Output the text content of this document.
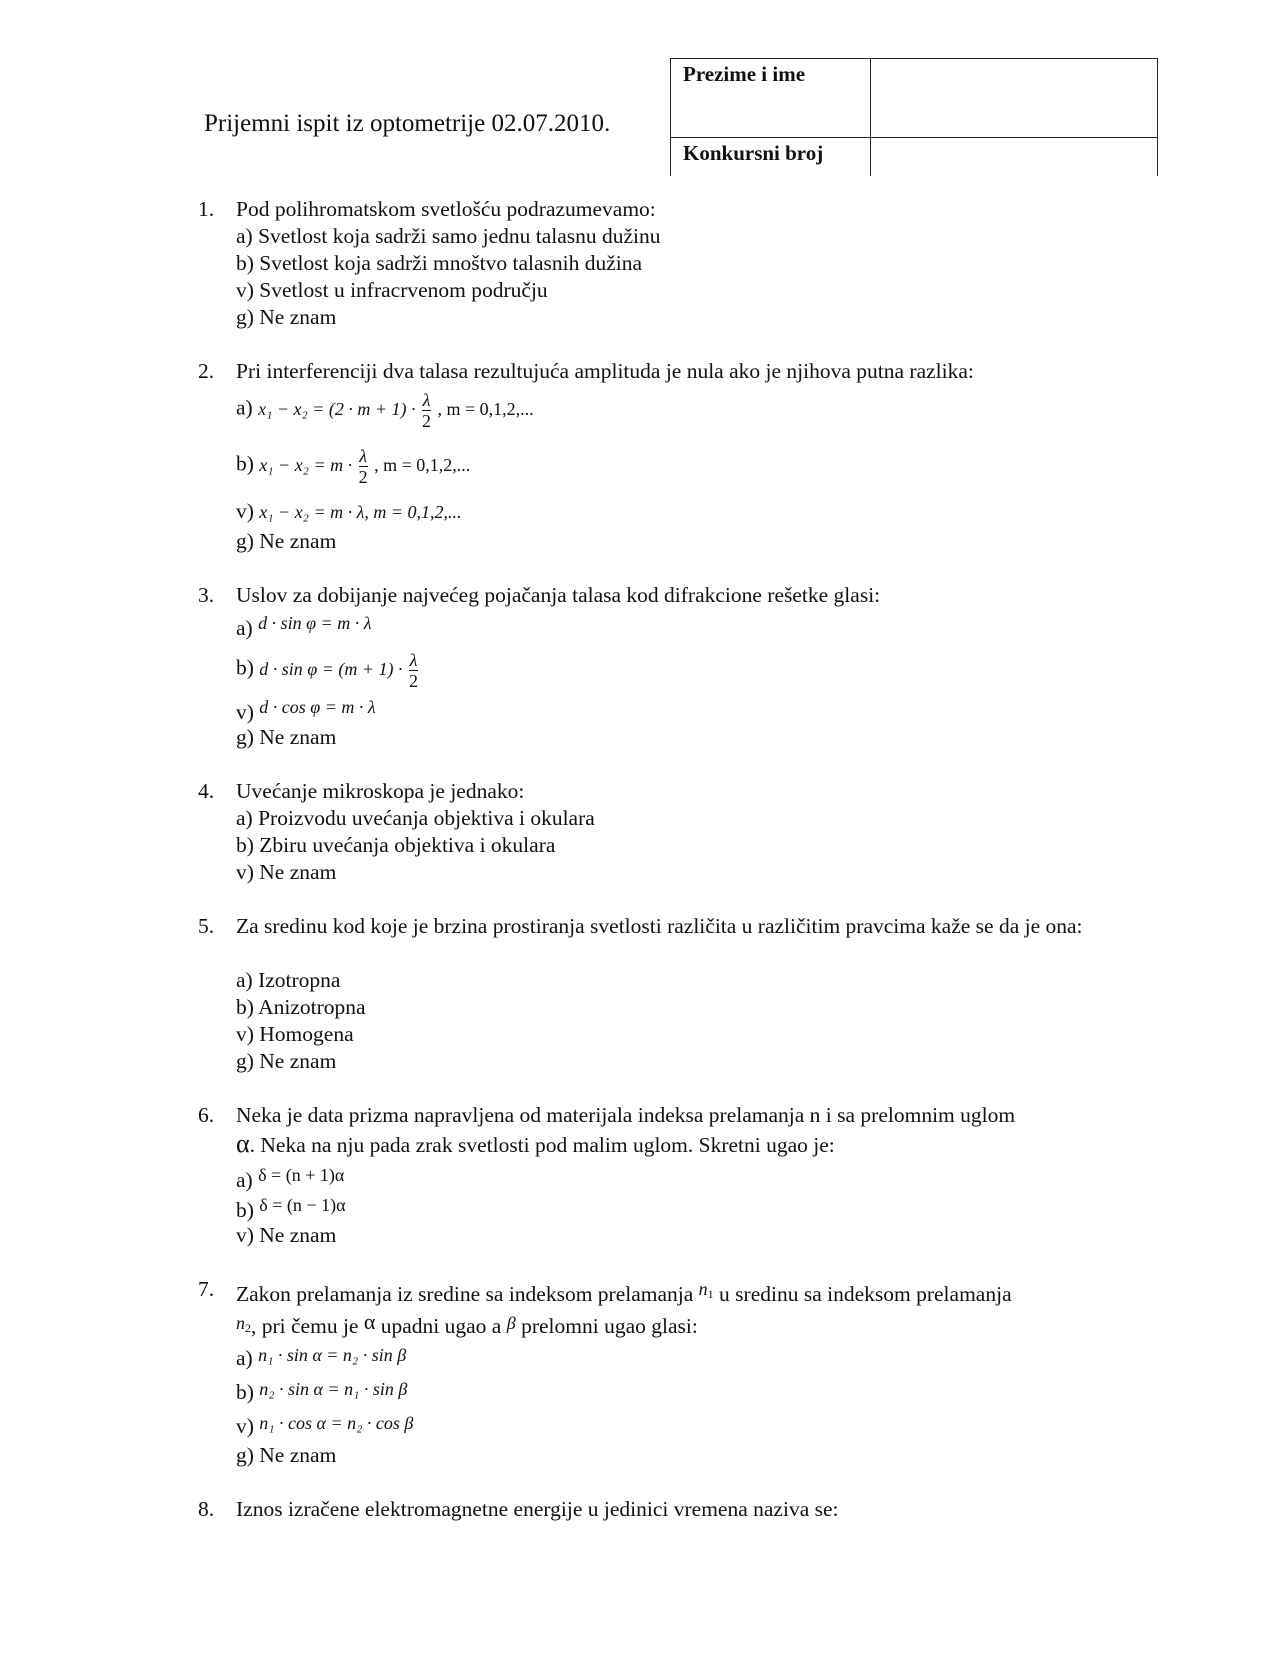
Prijemni ispit iz optometrije 02.07.2010.
Prezime i ime	
Konkursni broj	
1. Pod polihromatskom svetlošću podrazumevamo:
a) Svetlost koja sadrži samo jednu talasnu dužinu
b) Svetlost koja sadrži mnoštvo talasnih dužina
v) Svetlost u infracrvenom području
g) Ne znam
2. Pri interferenciji dva talasa rezultujuća amplituda je nula ako je njihova putna razlika:
a) $x_1 - x_2 = (2 \cdot m + 1) \cdot \frac{\lambda}{2}$ , m = 0,1,2,...
b) $x_1 - x_2 = m \cdot \frac{\lambda}{2}$ , m = 0,1,2,...
v) x₁ − x₂ = m · λ, m = 0,1,2,...
g) Ne znam
3. Uslov za dobijanje najvećeg pojačanja talasa kod difrakcione rešetke glasi:
a) $^{d \cdot sin \varphi = m \cdot \lambda}$
b) $d \cdot \sin \varphi = (m + 1) \cdot \frac{\lambda}{2}$
v) $^{d \cdot cos \varphi = m \cdot \lambda}$
g) Ne znam
4. Uvećanje mikroskopa je jednako:
a) Proizvodu uvećanja objektiva i okulara
b) Zbiru uvećanja objektiva i okulara
v) Ne znam
5. Za sredinu kod koje je brzina prostiranja svetlosti različita u različitim pravcima kaže se da je ona:
a) Izotropna
b) Anizotropna
v) Homogena
g) Ne znam
6. Neka je data prizma napravljena od materijala indeksa prelamanja n i sa prelomnim uglom
α. Neka na nju pada zrak svetlosti pod malim uglom. Skretni ugao je:
a) $^{\delta = (n + 1)\alpha}$
b) $^{\delta = (n - 1)\alpha}$
v) Ne znam
7. Zakon prelamanja iz sredine sa indeksom prelamanja $^{n_1}$ u sredinu sa indeksom prelamanja
$n_2$, pri čemu je α upadni ugao a β prelomni ugao glasi:
a) n₁ · sin α = n₂ · sin β
b) n₂ · sin α = n₁ · sin β
v) n₁ · cos α = n₂ · cos β
g) Ne znam
8. Iznos izračene elektromagnetne energije u jedinici vremena naziva se:
